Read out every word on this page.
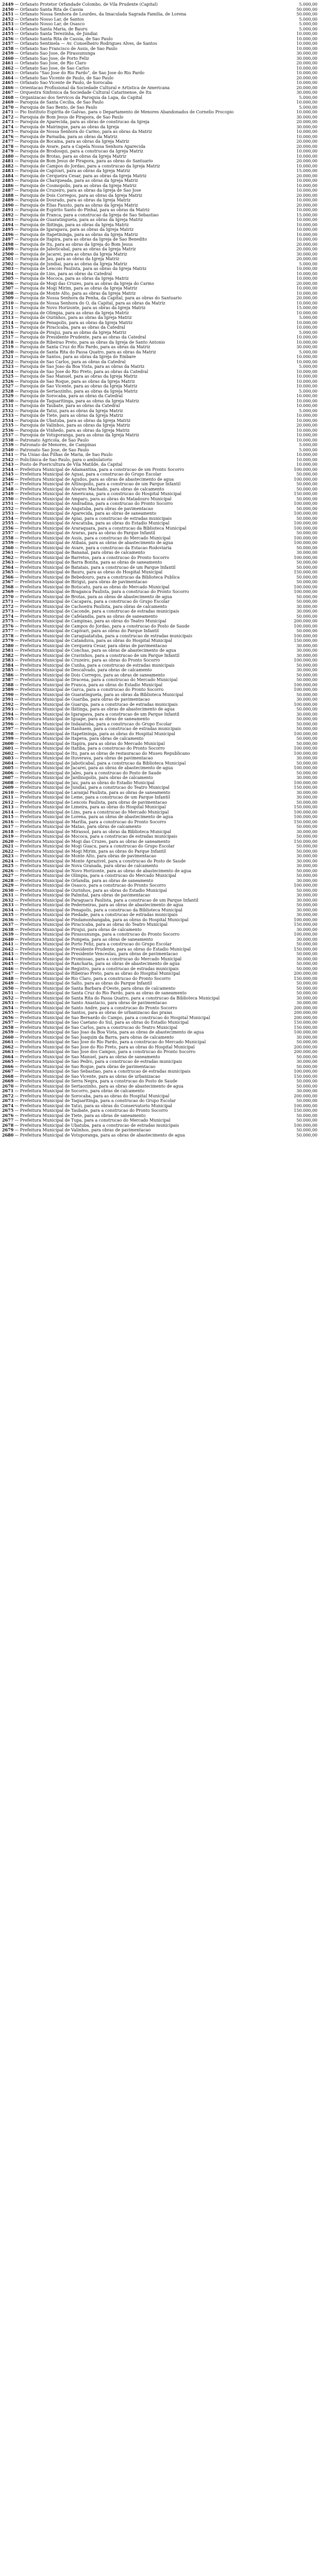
2449 — Orfanato Protetor Orfandade Colombo, de Vila Prudente (Capital)	5.000,00
2450 — Orfanato Santa Rita de Cassia	50.000,00
2451 — Orfanato Nossa Senhora de Lourdes, da Imaculada Sagrada Familia, de Lorena	50.000,00
2452 — Orfanato Nosso Lar, de Santos	5.000,00
2453 — Orfanato Nosso Lar, de Osasco	5.000,00
2454 — Orfanato Santa Maria, de Bauru	5.000,00
2455 — Orfanato Santa Terezinha, de Jundiai	10.000,00
2456 — Orfanato Santa Rita de Cassia, de Sao Paulo	10.000,00
2457 — Orfanato Sentinela — Av. Conselheiro Rodrigues Alves, de Santos	10.000,00
2458 — Orfanato Sao Francisco de Assis, de Sao Paulo	10.000,00
2459 — Orfanato Sao Jose, de Pirassununga	30.000,00
2460 — Orfanato Sao Jose, de Porto Feliz	30.000,00
2461 — Orfanato Sao Jose, de Rio Claro	20.000,00
2462 — Orfanato Sao Jose, de Sao Carlos	10.000,00
2463 — Orfanato "Sao Jose do Rio Pardo", de Sao Jose do Rio Pardo	10.000,00
2464 — Orfanato Sao Vicente de Paulo, de Sao Paulo	20.000,00
2465 — Orfanato Sao Vicente de Paulo, de Sorocaba	10.000,00
2466 — Orientacao Profissional da Sociedade Cultural e Artistica de Americana	20.000,00
2467 — Orquestra Sinfonica da Sociedade Cultural Catarinense, de Itu	30.000,00
2468 — Organizacao dos Servicos da Paroquia da Lapa, da Capital	5.000,00
2469 — Paroquia de Santa Cecilia, de Sao Paulo	10.000,00
2470 — Paroquia de Sao Bento, de Sao Paulo	5.000,00
2471 — Pio Instituto Espirita de Galvao, para o Departamento de Menores Abandonados de Cornelio Procopio	10.000,00
2472 — Paroquia de Bom Jesus de Pirapora, de Sao Paulo	30.000,00
2473 — Paroquia de Aparecida, para as obras de construcao da Igreja	20.000,00
2474 — Paroquia de Mairinque, para as obras da Igreja	30.000,00
2475 — Paroquia de Nossa Senhora do Carmo, para as obras da Matriz	10.000,00
2476 — Paroquia de Parnaiba, para as obras da Matriz	10.000,00
2477 — Paroquia de Bocaina, para as obras da Igreja Matriz	20.000,00
2478 — Paroquia de Avare, para a Capela Nossa Senhora Aparecida	20.000,00
2479 — Paroquia de Brodosqui, para a construcao da Igreja Matriz	10.000,00
2480 — Paroquia de Brotas, para as obras da Igreja Matriz	10.000,00
2481 — Paroquia de Bom Jesus de Pirapora, para as obras do Santuario	20.000,00
2482 — Paroquia de Campos do Jordao, para a construcao da Igreja Matriz	10.000,00
2483 — Paroquia de Capivari, para as obras da Igreja Matriz	15.000,00
2484 — Paroquia de Cerqueira Cesar, para as obras da Igreja Matriz	20.000,00
2485 — Paroquia de Charqueada, para as obras da Igreja Matriz	10.000,00
2486 — Paroquia de Cosmopolis, para as obras da Igreja Matriz	10.000,00
2487 — Paroquia de Cruzeiro, para as obras da Igreja de Sao Jose	10.000,00
2488 — Paroquia de Dois Corregos, para as obras da Igreja Matriz	20.000,00
2489 — Paroquia de Dourado, para as obras da Igreja Matriz	10.000,00
2490 — Paroquia de Elias Fausto, para as obras da Igreja Matriz	20.000,00
2491 — Paroquia de Espirito Santo do Pinhal, para as obras da Matriz	10.000,00
2492 — Paroquia de Franca, para a construcao da Igreja de Sao Sebastiao	15.000,00
2493 — Paroquia de Guaratingueta, para as obras da Igreja Matriz	10.000,00
2494 — Paroquia de Ibitinga, para as obras da Igreja Matriz	10.000,00
2495 — Paroquia de Igarapava, para as obras da Igreja Matriz	10.000,00
2496 — Paroquia de Itapetininga, para as obras da Igreja Matriz	10.000,00
2497 — Paroquia de Itapira, para as obras da Igreja de Sao Benedito	10.000,00
2498 — Paroquia de Itu, para as obras da Igreja do Bom Jesus	20.000,00
2499 — Paroquia de Jaboticabal, para as obras da Igreja Matriz	20.000,00
2500 — Paroquia de Jacarei, para as obras da Igreja Matriz	30.000,00
2501 — Paroquia de Jau, para as obras da Igreja Matriz	20.000,00
2502 — Paroquia de Jundiai, para as obras da Igreja Matriz	5.000,00
2503 — Paroquia de Lencois Paulista, para as obras da Igreja Matriz	10.000,00
2504 — Paroquia de Lins, para as obras da Catedral	10.000,00
2505 — Paroquia de Mococa, para as obras da Igreja Matriz	10.000,00
2506 — Paroquia de Mogi das Cruzes, para as obras da Igreja do Carmo	20.000,00
2507 — Paroquia de Mogi Mirim, para as obras da Igreja Matriz	10.000,00
2508 — Paroquia de Monte Alto, para as obras da Igreja Matriz	10.000,00
2509 — Paroquia de Nossa Senhora da Penha, da Capital, para as obras do Santuario	20.000,00
2510 — Paroquia de Nossa Senhora do O, da Capital, para as obras da Matriz	10.000,00
2511 — Paroquia de Novo Horizonte, para as obras da Igreja Matriz	15.000,00
2512 — Paroquia de Olimpia, para as obras da Igreja Matriz	10.000,00
2513 — Paroquia de Ourinhos, para as obras da Igreja Matriz	5.000,00
2514 — Paroquia de Penapolis, para as obras da Igreja Matriz	10.000,00
2515 — Paroquia de Piracicaba, para as obras da Catedral	10.000,00
2516 — Paroquia de Pirajui, para as obras da Igreja Matriz	5.000,00
2517 — Paroquia de Presidente Prudente, para as obras da Catedral	10.000,00
2518 — Paroquia de Ribeirao Preto, para as obras da Igreja de Santo Antonio	10.000,00
2519 — Paroquia de Santa Cruz do Rio Pardo, para as obras da Matriz	30.000,00
2520 — Paroquia de Santa Rita do Passa Quatro, para as obras da Matriz	5.000,00
2521 — Paroquia de Santos, para as obras da Igreja do Embare	10.000,00
2522 — Paroquia de Sao Carlos, para as obras da Catedral	10.000,00
2523 — Paroquia de Sao Joao da Boa Vista, para as obras da Matriz	5.000,00
2524 — Paroquia de Sao Jose do Rio Preto, para as obras da Catedral	10.000,00
2525 — Paroquia de Sao Manuel, para as obras da Igreja Matriz	10.000,00
2526 — Paroquia de Sao Roque, para as obras da Igreja Matriz	10.000,00
2527 — Paroquia de Sao Vicente, para as obras da Igreja Matriz	10.000,00
2528 — Paroquia de Sertaozinho, para as obras da Igreja Matriz	5.000,00
2529 — Paroquia de Sorocaba, para as obras da Catedral	10.000,00
2530 — Paroquia de Taquaritinga, para as obras da Igreja Matriz	10.000,00
2531 — Paroquia de Taubate, para as obras da Catedral	10.000,00
2532 — Paroquia de Tatui, para as obras da Igreja Matriz	5.000,00
2533 — Paroquia de Tiete, para as obras da Igreja Matriz	10.000,00
2534 — Paroquia de Ubatuba, para as obras da Igreja Matriz	10.000,00
2535 — Paroquia de Valinhos, para as obras da Igreja Matriz	20.000,00
2536 — Paroquia de Vinhedo, para as obras da Igreja Matriz	10.000,00
2537 — Paroquia de Votuporanga, para as obras da Igreja Matriz	10.000,00
2538 — Patronato Agricola, de Sao Paulo	10.000,00
2539 — Patronato de Menores, de Campinas	5.000,00
2540 — Patronato Sao Jose, de Sao Paulo	5.000,00
2541 — Pia Uniao das Filhas de Maria, de Sao Paulo	10.000,00
2542 — Policlinica de Sao Paulo, para o ambulatorio	10.000,00
2543 — Posto de Puericultura de Vila Matilde, da Capital	10.000,00
2544 — Prefeitura Municipal de Adamantina, para a construcao de um Pronto Socorro	100.000,00
2545 — Prefeitura Municipal de Aguai, para a construcao do Grupo Escolar	50.000,00
2546 — Prefeitura Municipal de Agudos, para as obras de abastecimento de agua	100.000,00
2547 — Prefeitura Municipal de Altinopolis, para a construcao de um Parque Infantil	50.000,00
2548 — Prefeitura Municipal de Alvares Machado, para obras de calcamento	50.000,00
2549 — Prefeitura Municipal de Americana, para a construcao do Hospital Municipal	150.000,00
2550 — Prefeitura Municipal de Amparo, para as obras do Matadouro Municipal	50.000,00
2551 — Prefeitura Municipal de Andradina, para a construcao do Pronto Socorro	100.000,00
2552 — Prefeitura Municipal de Angatuba, para obras de pavimentacao	50.000,00
2553 — Prefeitura Municipal de Aparecida, para as obras de saneamento	100.000,00
2554 — Prefeitura Municipal de Apiai, para a construcao de estradas municipais	50.000,00
2555 — Prefeitura Municipal de Aracatuba, para as obras do Estadio Municipal	100.000,00
2556 — Prefeitura Municipal de Araraquara, para a construcao da Biblioteca Municipal	100.000,00
2557 — Prefeitura Municipal de Araras, para as obras do Parque Infantil	50.000,00
2558 — Prefeitura Municipal de Assis, para a construcao do Mercado Municipal	100.000,00
2559 — Prefeitura Municipal de Atibaia, para as obras de abastecimento de agua	100.000,00
2560 — Prefeitura Municipal de Avare, para a construcao da Estacao Rodoviaria	50.000,00
2561 — Prefeitura Municipal de Bananal, para obras de calcamento	30.000,00
2562 — Prefeitura Municipal de Barretos, para a construcao do Pronto Socorro	100.000,00
2563 — Prefeitura Municipal de Barra Bonita, para as obras de saneamento	50.000,00
2564 — Prefeitura Municipal de Batatais, para a construcao de um Parque Infantil	50.000,00
2565 — Prefeitura Municipal de Bauru, para as obras do Hospital Municipal	150.000,00
2566 — Prefeitura Municipal de Bebedouro, para a construcao da Biblioteca Publica	50.000,00
2567 — Prefeitura Municipal de Birigui, para obras de pavimentacao	50.000,00
2568 — Prefeitura Municipal de Botucatu, para as obras do Mercado Municipal	100.000,00
2569 — Prefeitura Municipal de Braganca Paulista, para a construcao do Pronto Socorro	100.000,00
2570 — Prefeitura Municipal de Brotas, para as obras de abastecimento de agua	50.000,00
2571 — Prefeitura Municipal de Cacapava, para a construcao do Grupo Escolar	50.000,00
2572 — Prefeitura Municipal de Cachoeira Paulista, para obras de calcamento	30.000,00
2573 — Prefeitura Municipal de Caconde, para a construcao de estradas municipais	30.000,00
2574 — Prefeitura Municipal de Cafelandia, para as obras de saneamento	50.000,00
2575 — Prefeitura Municipal de Campinas, para as obras do Teatro Municipal	200.000,00
2576 — Prefeitura Municipal de Campos do Jordao, para a construcao do Posto de Saude	100.000,00
2577 — Prefeitura Municipal de Capivari, para as obras do Parque Infantil	50.000,00
2578 — Prefeitura Municipal de Caraguatatuba, para a construcao de estradas municipais	100.000,00
2579 — Prefeitura Municipal de Catanduva, para as obras do Hospital Municipal	150.000,00
2580 — Prefeitura Municipal de Cerqueira Cesar, para obras de pavimentacao	30.000,00
2581 — Prefeitura Municipal de Conchas, para as obras de abastecimento de agua	30.000,00
2582 — Prefeitura Municipal de Cravinhos, para a construcao de um Parque Infantil	30.000,00
2583 — Prefeitura Municipal de Cruzeiro, para as obras do Pronto Socorro	100.000,00
2584 — Prefeitura Municipal de Cunha, para a construcao de estradas municipais	50.000,00
2585 — Prefeitura Municipal de Descalvado, para obras de calcamento	30.000,00
2586 — Prefeitura Municipal de Dois Corregos, para as obras de saneamento	50.000,00
2587 — Prefeitura Municipal de Dracena, para a construcao do Mercado Municipal	50.000,00
2588 — Prefeitura Municipal de Franca, para as obras do Estadio Municipal	100.000,00
2589 — Prefeitura Municipal de Garca, para a construcao do Pronto Socorro	100.000,00
2590 — Prefeitura Municipal de Guaratingueta, para as obras da Biblioteca Municipal	50.000,00
2591 — Prefeitura Municipal de Guariba, para obras de pavimentacao	30.000,00
2592 — Prefeitura Municipal de Guaruja, para a construcao de estradas municipais	100.000,00
2593 — Prefeitura Municipal de Ibitinga, para as obras de abastecimento de agua	50.000,00
2594 — Prefeitura Municipal de Igarapava, para a construcao de um Parque Infantil	30.000,00
2595 — Prefeitura Municipal de Iguape, para as obras de saneamento	50.000,00
2596 — Prefeitura Municipal de Indaiatuba, para a construcao do Grupo Escolar	50.000,00
2597 — Prefeitura Municipal de Itanhaem, para a construcao de estradas municipais	50.000,00
2598 — Prefeitura Municipal de Itapetininga, para as obras do Hospital Municipal	100.000,00
2599 — Prefeitura Municipal de Itapeva, para obras de calcamento	50.000,00
2600 — Prefeitura Municipal de Itapira, para as obras do Mercado Municipal	50.000,00
2601 — Prefeitura Municipal de Itatiba, para a construcao do Pronto Socorro	100.000,00
2602 — Prefeitura Municipal de Itu, para as obras de restauracao do Museu Republicano	100.000,00
2603 — Prefeitura Municipal de Ituverava, para obras de pavimentacao	30.000,00
2604 — Prefeitura Municipal de Jaboticabal, para a construcao da Biblioteca Municipal	50.000,00
2605 — Prefeitura Municipal de Jacarei, para as obras de abastecimento de agua	100.000,00
2606 — Prefeitura Municipal de Jales, para a construcao do Posto de Saude	50.000,00
2607 — Prefeitura Municipal de Jardinopolis, para obras de calcamento	30.000,00
2608 — Prefeitura Municipal de Jau, para as obras do Estadio Municipal	100.000,00
2609 — Prefeitura Municipal de Jundiai, para a construcao do Teatro Municipal	150.000,00
2610 — Prefeitura Municipal de Laranjal Paulista, para as obras de saneamento	30.000,00
2611 — Prefeitura Municipal de Leme, para a construcao de um Parque Infantil	30.000,00
2612 — Prefeitura Municipal de Lencois Paulista, para obras de pavimentacao	50.000,00
2613 — Prefeitura Municipal de Limeira, para as obras do Hospital Municipal	150.000,00
2614 — Prefeitura Municipal de Lins, para a construcao do Mercado Municipal	100.000,00
2615 — Prefeitura Municipal de Lorena, para as obras de abastecimento de agua	100.000,00
2616 — Prefeitura Municipal de Marilia, para a construcao do Pronto Socorro	150.000,00
2617 — Prefeitura Municipal de Matao, para obras de calcamento	50.000,00
2618 — Prefeitura Municipal de Mirassol, para as obras da Biblioteca Municipal	30.000,00
2619 — Prefeitura Municipal de Mococa, para a construcao de estradas municipais	50.000,00
2620 — Prefeitura Municipal de Mogi das Cruzes, para as obras de saneamento	150.000,00
2621 — Prefeitura Municipal de Mogi Guacu, para a construcao do Grupo Escolar	50.000,00
2622 — Prefeitura Municipal de Mogi Mirim, para as obras do Parque Infantil	50.000,00
2623 — Prefeitura Municipal de Monte Alto, para obras de pavimentacao	30.000,00
2624 — Prefeitura Municipal de Monte Aprazivel, para a construcao do Posto de Saude	30.000,00
2625 — Prefeitura Municipal de Nova Granada, para obras de calcamento	30.000,00
2626 — Prefeitura Municipal de Novo Horizonte, para as obras de abastecimento de agua	50.000,00
2627 — Prefeitura Municipal de Olimpia, para a construcao do Mercado Municipal	50.000,00
2628 — Prefeitura Municipal de Orlandia, para as obras de saneamento	30.000,00
2629 — Prefeitura Municipal de Osasco, para a construcao do Pronto Socorro	100.000,00
2630 — Prefeitura Municipal de Ourinhos, para as obras do Estadio Municipal	50.000,00
2631 — Prefeitura Municipal de Palmital, para obras de pavimentacao	30.000,00
2632 — Prefeitura Municipal de Paraguacu Paulista, para a construcao de um Parque Infantil	30.000,00
2633 — Prefeitura Municipal de Pederneiras, para as obras de abastecimento de agua	50.000,00
2634 — Prefeitura Municipal de Penapolis, para a construcao da Biblioteca Municipal	30.000,00
2635 — Prefeitura Municipal de Piedade, para a construcao de estradas municipais	30.000,00
2636 — Prefeitura Municipal de Pindamonhangaba, para as obras do Hospital Municipal	100.000,00
2637 — Prefeitura Municipal de Piracicaba, para as obras do Teatro Municipal	150.000,00
2638 — Prefeitura Municipal de Pirajui, para obras de calcamento	30.000,00
2639 — Prefeitura Municipal de Pirassununga, para a construcao do Pronto Socorro	100.000,00
2640 — Prefeitura Municipal de Pompeia, para as obras de saneamento	30.000,00
2641 — Prefeitura Municipal de Porto Feliz, para a construcao do Grupo Escolar	50.000,00
2642 — Prefeitura Municipal de Presidente Prudente, para as obras do Estadio Municipal	150.000,00
2643 — Prefeitura Municipal de Presidente Venceslau, para obras de pavimentacao	50.000,00
2644 — Prefeitura Municipal de Promissao, para a construcao do Mercado Municipal	30.000,00
2645 — Prefeitura Municipal de Rancharia, para as obras de abastecimento de agua	50.000,00
2646 — Prefeitura Municipal de Registro, para a construcao de estradas municipais	50.000,00
2647 — Prefeitura Municipal de Ribeirao Preto, para as obras do Hospital Municipal	200.000,00
2648 — Prefeitura Municipal de Rio Claro, para a construcao do Pronto Socorro	150.000,00
2649 — Prefeitura Municipal de Salto, para as obras do Parque Infantil	50.000,00
2650 — Prefeitura Municipal de Santa Barbara d'Oeste, para obras de calcamento	50.000,00
2651 — Prefeitura Municipal de Santa Cruz do Rio Pardo, para as obras de saneamento	50.000,00
2652 — Prefeitura Municipal de Santa Rita do Passa Quatro, para a construcao da Biblioteca Municipal	30.000,00
2653 — Prefeitura Municipal de Santo Anastacio, para obras de pavimentacao	30.000,00
2654 — Prefeitura Municipal de Santo Andre, para a construcao do Pronto Socorro	200.000,00
2655 — Prefeitura Municipal de Santos, para as obras de urbanizacao das praias	200.000,00
2656 — Prefeitura Municipal de Sao Bernardo do Campo, para a construcao do Hospital Municipal	200.000,00
2657 — Prefeitura Municipal de Sao Caetano do Sul, para as obras do Estadio Municipal	150.000,00
2658 — Prefeitura Municipal de Sao Carlos, para a construcao do Teatro Municipal	150.000,00
2659 — Prefeitura Municipal de Sao Joao da Boa Vista, para as obras de abastecimento de agua	100.000,00
2660 — Prefeitura Municipal de Sao Joaquim da Barra, para obras de calcamento	30.000,00
2661 — Prefeitura Municipal de Sao Jose do Rio Pardo, para a construcao do Mercado Municipal	50.000,00
2662 — Prefeitura Municipal de Sao Jose do Rio Preto, para as obras do Hospital Municipal	200.000,00
2663 — Prefeitura Municipal de Sao Jose dos Campos, para a construcao do Pronto Socorro	200.000,00
2664 — Prefeitura Municipal de Sao Manuel, para as obras de saneamento	50.000,00
2665 — Prefeitura Municipal de Sao Pedro, para a construcao de estradas municipais	30.000,00
2666 — Prefeitura Municipal de Sao Roque, para obras de pavimentacao	50.000,00
2667 — Prefeitura Municipal de Sao Sebastiao, para a construcao de estradas municipais	100.000,00
2668 — Prefeitura Municipal de Sao Vicente, para as obras de urbanizacao	150.000,00
2669 — Prefeitura Municipal de Serra Negra, para a construcao do Posto de Saude	50.000,00
2670 — Prefeitura Municipal de Sertaozinho, para as obras de abastecimento de agua	50.000,00
2671 — Prefeitura Municipal de Socorro, para obras de calcamento	30.000,00
2672 — Prefeitura Municipal de Sorocaba, para as obras do Hospital Municipal	200.000,00
2673 — Prefeitura Municipal de Taquaritinga, para a construcao do Grupo Escolar	50.000,00
2674 — Prefeitura Municipal de Tatui, para as obras do Conservatorio Municipal	100.000,00
2675 — Prefeitura Municipal de Taubate, para a construcao do Pronto Socorro	150.000,00
2676 — Prefeitura Municipal de Tiete, para as obras de saneamento	50.000,00
2677 — Prefeitura Municipal de Tupa, para a construcao do Mercado Municipal	50.000,00
2678 — Prefeitura Municipal de Ubatuba, para a construcao de estradas municipais	100.000,00
2679 — Prefeitura Municipal de Valinhos, para obras de pavimentacao	50.000,00
2680 — Prefeitura Municipal de Votuporanga, para as obras de abastecimento de agua	50.000,00
